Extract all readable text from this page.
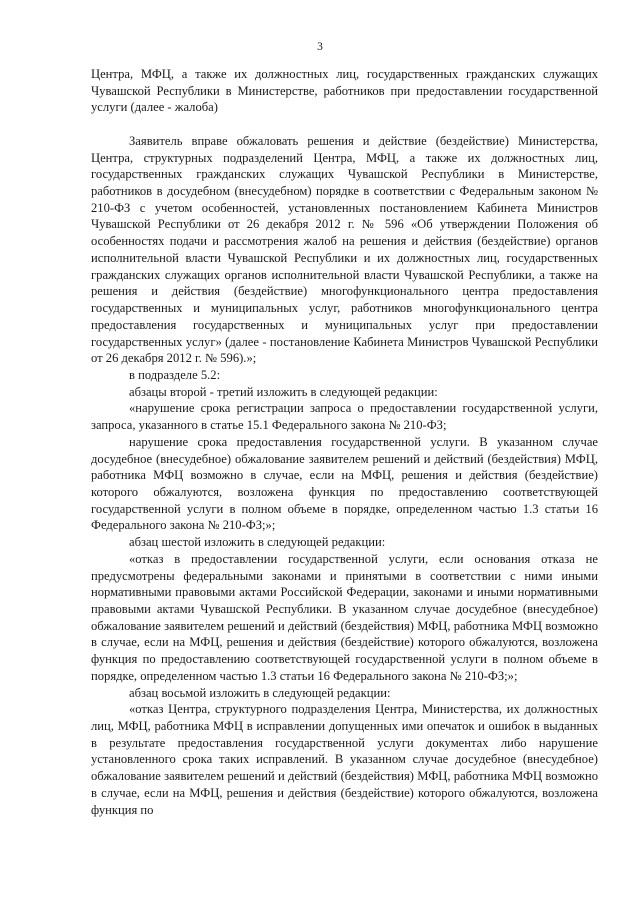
3

Центра, МФЦ, а также их должностных лиц, государственных гражданских служащих Чувашской Республики в Министерстве, работников при предоставлении государственной услуги (далее - жалоба)

Заявитель вправе обжаловать решения и действие (бездействие) Министерства, Центра, структурных подразделений Центра, МФЦ, а также их должностных лиц, государственных гражданских служащих Чувашской Республики в Министерстве, работников в досудебном (внесудебном) порядке в соответствии с Федеральным законом № 210-ФЗ с учетом особенностей, установленных постановлением Кабинета Министров Чувашской Республики от 26 декабря 2012 г. № 596 «Об утверждении Положения об особенностях подачи и рассмотрения жалоб на решения и действия (бездействие) органов исполнительной власти Чувашской Республики и их должностных лиц, государственных гражданских служащих органов исполнительной власти Чувашской Республики, а также на решения и действия (бездействие) многофункционального центра предоставления государственных и муниципальных услуг, работников многофункционального центра предоставления государственных и муниципальных услуг при предоставлении государственных услуг» (далее - постановление Кабинета Министров Чувашской Республики от 26 декабря 2012 г. № 596).»;

в подразделе 5.2:

абзацы второй - третий изложить в следующей редакции:

«нарушение срока регистрации запроса о предоставлении государственной услуги, запроса, указанного в статье 15.1 Федерального закона № 210-ФЗ;

нарушение срока предоставления государственной услуги. В указанном случае досудебное (внесудебное) обжалование заявителем решений и действий (бездействия) МФЦ, работника МФЦ возможно в случае, если на МФЦ, решения и действия (бездействие) которого обжалуются, возложена функция по предоставлению соответствующей государственной услуги в полном объеме в порядке, определенном частью 1.3 статьи 16 Федерального закона № 210-ФЗ;»;

абзац шестой изложить в следующей редакции:

«отказ в предоставлении государственной услуги, если основания отказа не предусмотрены федеральными законами и принятыми в соответствии с ними иными нормативными правовыми актами Российской Федерации, законами и иными нормативными правовыми актами Чувашской Республики. В указанном случае досудебное (внесудебное) обжалование заявителем решений и действий (бездействия) МФЦ, работника МФЦ возможно в случае, если на МФЦ, решения и действия (бездействие) которого обжалуются, возложена функция по предоставлению соответствующей государственной услуги в полном объеме в порядке, определенном частью 1.3 статьи 16 Федерального закона № 210-ФЗ;»;

абзац восьмой изложить в следующей редакции:

«отказ Центра, структурного подразделения Центра, Министерства, их должностных лиц, МФЦ, работника МФЦ в исправлении допущенных ими опечаток и ошибок в выданных в результате предоставления государственной услуги документах либо нарушение установленного срока таких исправлений. В указанном случае досудебное (внесудебное) обжалование заявителем решений и действий (бездействия) МФЦ, работника МФЦ возможно в случае, если на МФЦ, решения и действия (бездействие) которого обжалуются, возложена функция по
